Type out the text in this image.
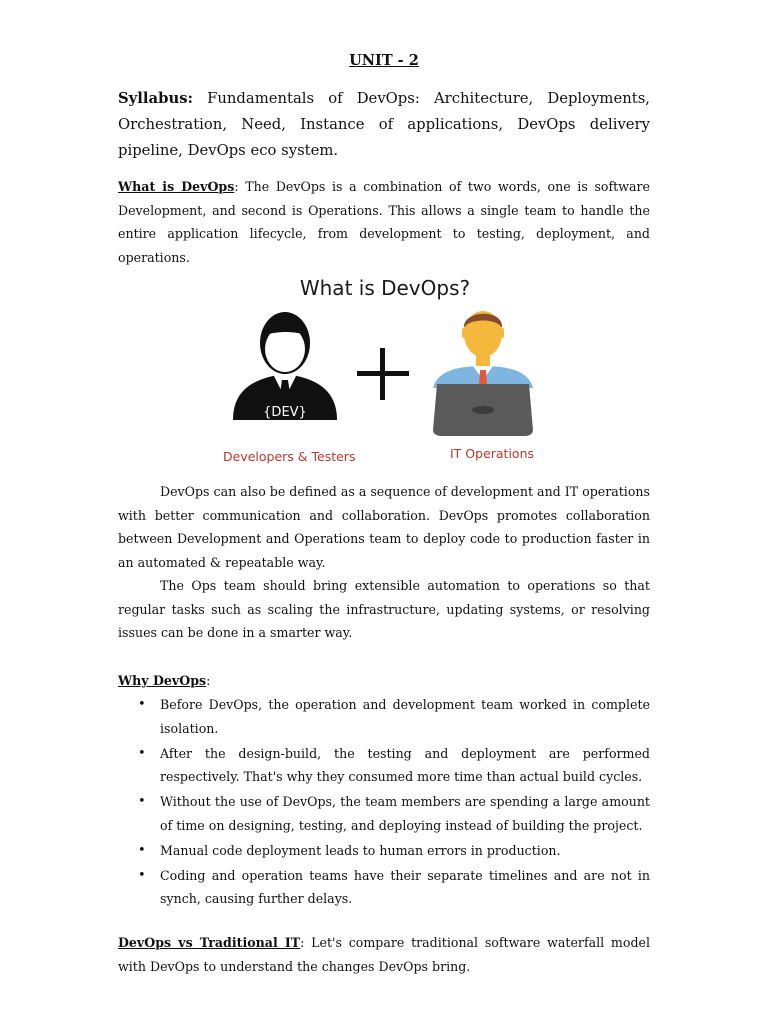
UNIT - 2

Syllabus: Fundamentals of DevOps: Architecture, Deployments, Orchestration, Need, Instance of applications, DevOps delivery pipeline, DevOps eco system.

What is DevOps: The DevOps is a combination of two words, one is software Development, and second is Operations. This allows a single team to handle the entire application lifecycle, from development to testing, deployment, and operations.

What is DevOps?
{DEV}
Developers & Testers	IT Operations

DevOps can also be defined as a sequence of development and IT operations with better communication and collaboration. DevOps promotes collaboration between Development and Operations team to deploy code to production faster in an automated & repeatable way.

The Ops team should bring extensible automation to operations so that regular tasks such as scaling the infrastructure, updating systems, or resolving issues can be done in a smarter way.

Why DevOps:

• Before DevOps, the operation and development team worked in complete isolation.
• After the design-build, the testing and deployment are performed respectively. That's why they consumed more time than actual build cycles.
• Without the use of DevOps, the team members are spending a large amount of time on designing, testing, and deploying instead of building the project.
• Manual code deployment leads to human errors in production.
• Coding and operation teams have their separate timelines and are not in synch, causing further delays.

DevOps vs Traditional IT: Let's compare traditional software waterfall model with DevOps to understand the changes DevOps bring.
